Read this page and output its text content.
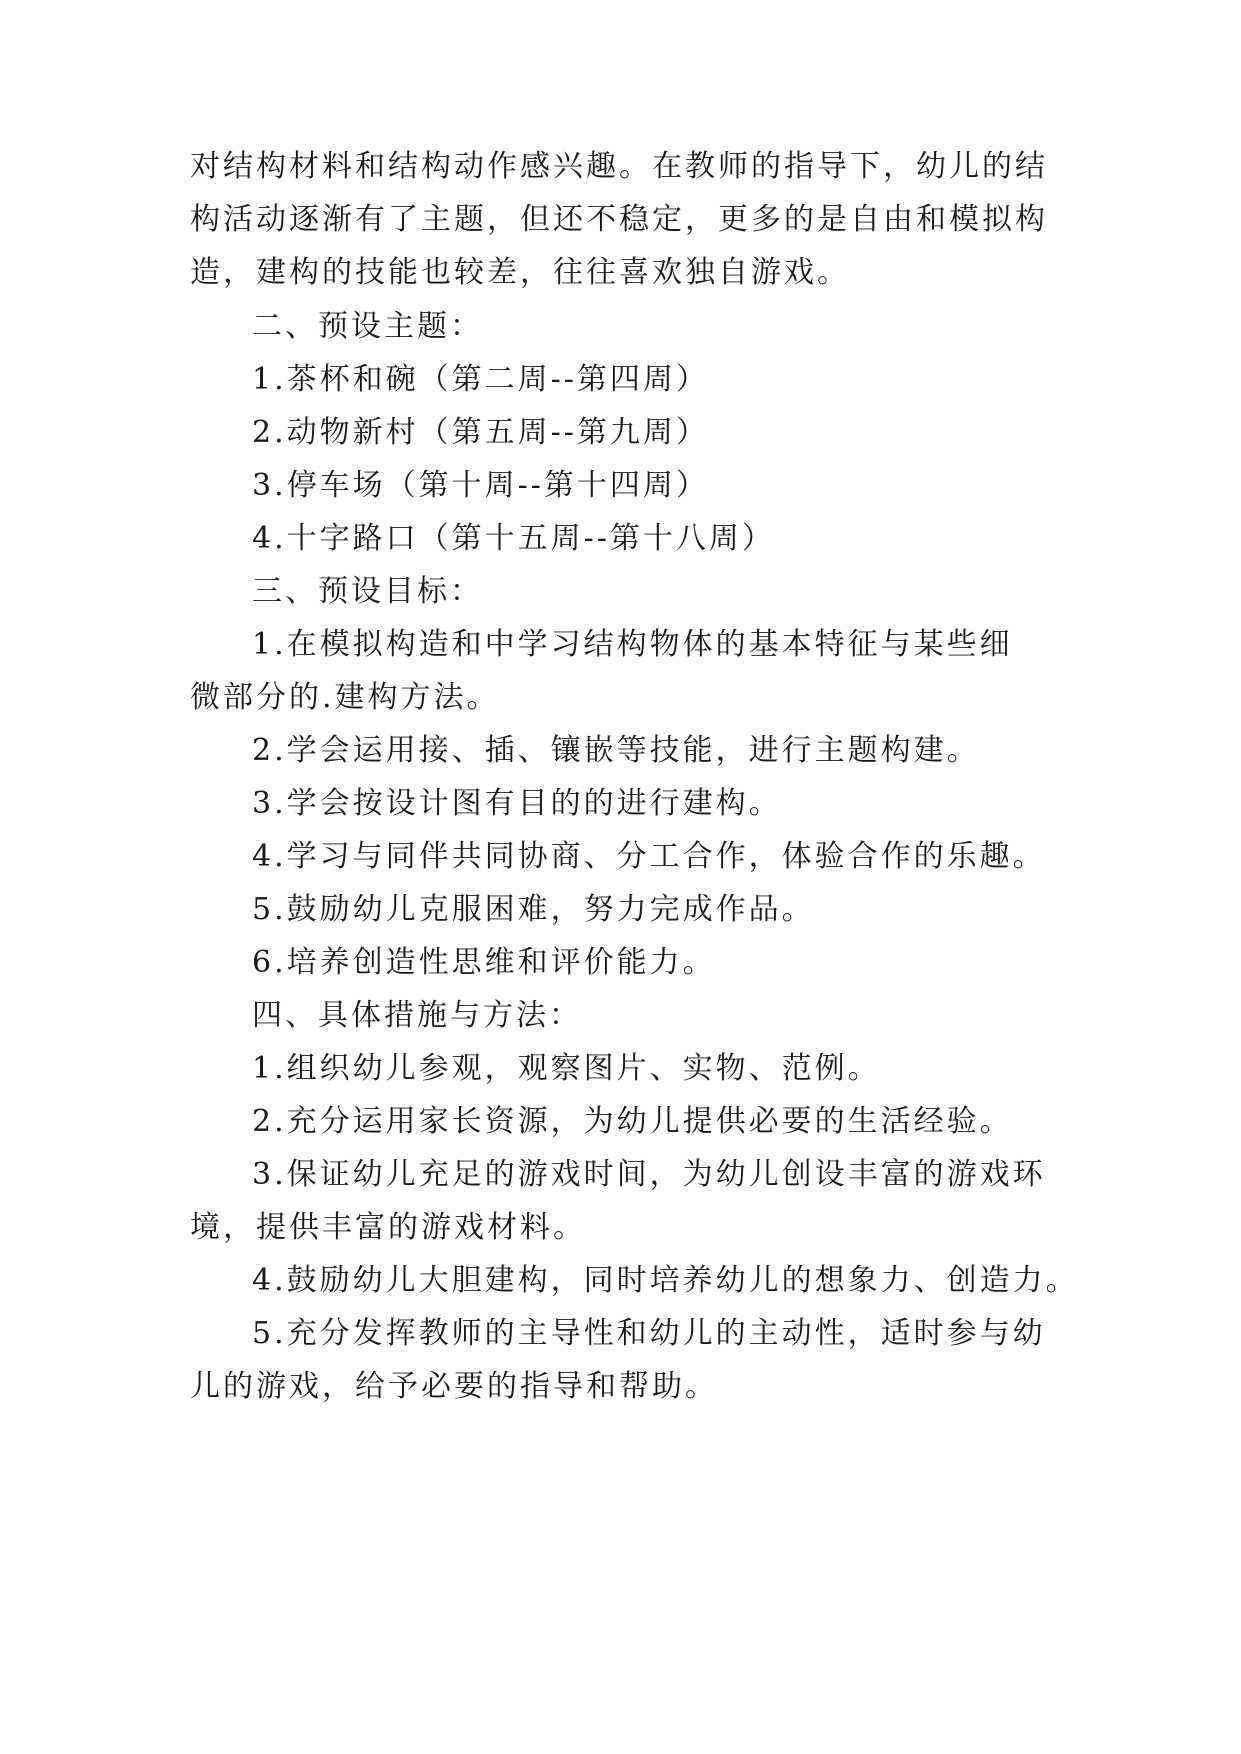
对结构材料和结构动作感兴趣。在教师的指导下，幼儿的结
构活动逐渐有了主题，但还不稳定，更多的是自由和模拟构
造，建构的技能也较差，往往喜欢独自游戏。
二、预设主题：
1.茶杯和碗（第二周--第四周）
2.动物新村（第五周--第九周）
3.停车场（第十周--第十四周）
4.十字路口（第十五周--第十八周）
三、预设目标：
1.在模拟构造和中学习结构物体的基本特征与某些细
微部分的.建构方法。
2.学会运用接、插、镶嵌等技能，进行主题构建。
3.学会按设计图有目的的进行建构。
4.学习与同伴共同协商、分工合作，体验合作的乐趣。
5.鼓励幼儿克服困难，努力完成作品。
6.培养创造性思维和评价能力。
四、具体措施与方法：
1.组织幼儿参观，观察图片、实物、范例。
2.充分运用家长资源，为幼儿提供必要的生活经验。
3.保证幼儿充足的游戏时间，为幼儿创设丰富的游戏环
境，提供丰富的游戏材料。
4.鼓励幼儿大胆建构，同时培养幼儿的想象力、创造力。
5.充分发挥教师的主导性和幼儿的主动性，适时参与幼
儿的游戏，给予必要的指导和帮助。
